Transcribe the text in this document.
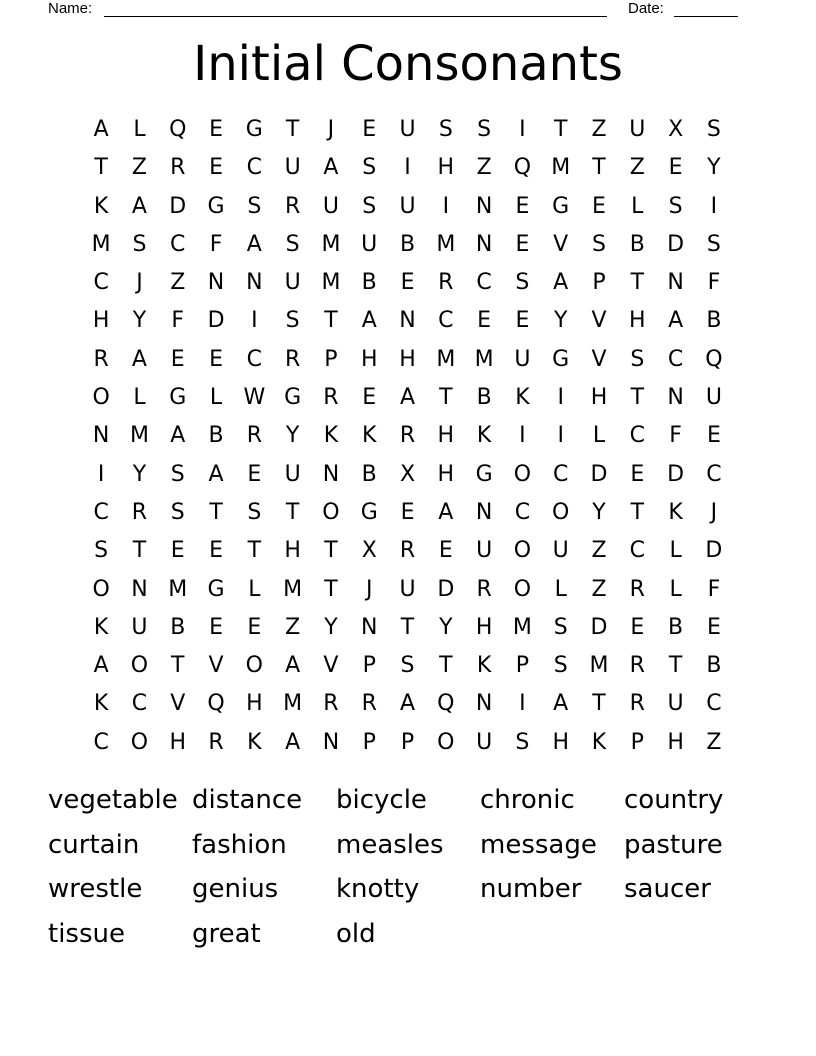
Name:	Date:
Initial Consonants
A	L	Q	E	G	T	J	E	U	S	S	I	T	Z	U	X	S
T	Z	R	E	C	U	A	S	I	H	Z	Q M	T	Z	E	Y
K	A	D G	S	R	U	S	U	I	N	E	G	E	L	S	I
M S	C	F	A	S M U	B M N	E	V	S	B	D	S
C	J	Z	N N	U M B	E	R	C	S	A	P	T	N	F
H	Y	F	D	I	S	T	A	N	C	E	E	Y	V	H	A	B
R	A	E	E	C	R	P	H H M M U G	V	S	C Q
O	L	G	L W G	R	E	A	T	B	K	I	H	T	N	U
N M A	B	R	Y	K	K	R	H	K	I	I	L	C	F	E
I	Y	S	A	E	U	N	B	X	H G O C	D	E	D	C
C	R	S	T	S	T	O G	E	A	N	C O	Y	T	K	J
S	T	E	E	T	H	T	X	R	E	U O U	Z	C	L	D
O N M G	L	M	T	J	U D	R O	L	Z	R	L	F
K	U	B	E	E	Z	Y	N	T	Y	H M S	D	E	B	E
A	O	T	V	O	A	V	P	S	T	K	P	S M R	T	B
K	C	V	Q H M R	R	A	Q N	I	A	T	R	U	C
C O H	R	K	A	N	P	P	O U	S	H	K	P	H	Z
vegetable distance	bicycle	chronic	country
curtain	fashion	measles	message	pasture
wrestle	genius	knotty	number	saucer
tissue	great	old
